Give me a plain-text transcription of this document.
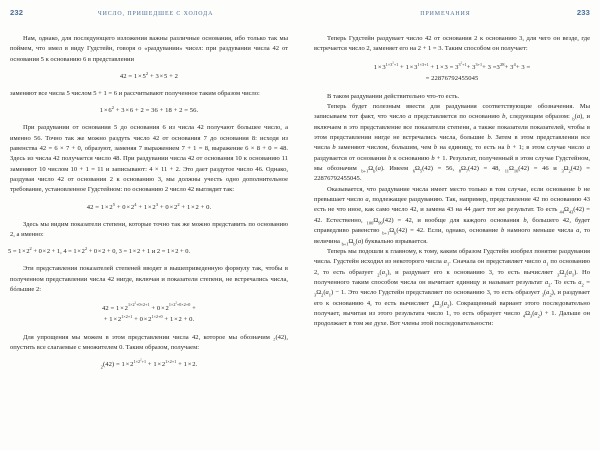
232	ЧИСЛО, ПРИШЕДШЕЕ С ХОЛОДА

Нам, однако, для последующего изложения важны различные основания, ибо только так мы поймем, что имел в виду Гудстейн, говоря о «раздувании» чисел: при раздувании числа 42 от основания 5 к основанию 6 в представлении

$42 = 1\times 5^2 + 3\times 5 + 2$

заменяют все числа 5 числом 5 + 1 = 6 и рассчитывают полученное таким образом число:

$1\times 6^2 + 3\times 6 + 2 = 36 + 18 + 2 = 56$.

При раздувании от основания 5 до основания 6 из числа 42 получают большее число, а именно 56. Точно так же можно раздуть число 42 от основания 7 до основания 8: исходя из равенства 42 = 6 × 7 + 0, образуют, заменяя 7 выражением 7 + 1 = 8, выражение 6 × 8 + 0 = 48. Здесь из числа 42 получается число 48. При раздувании числа 42 от основания 10 к основанию 11 заменяют 10 числом 10 + 1 = 11 и записывают: 4 × 11 + 2. Это дает раздутое число 46. Однако, раздувая число 42 от основания 2 к основанию 3, мы должны учесть одно дополнительное требование, установленное Гудстейном: по основанию 2 число 42 выглядит так:

$42 = 1\times 2^5 + 0\times 2^4 + 1\times 2^3 + 0\times 2^2 + 1\times 2 + 0$.

Здесь мы видим показатели степени, которые точно так же можно представить по основанию 2, а именно:

$5 = 1\times 2^2 + 0\times 2 + 1$, $4 = 1\times 2^2 + 0\times 2 + 0$, 3 = 1×2 + 1 и 2 = 1×2 + 0.

Эти представления показателей степеней вводят в вышеприведенную формулу так, чтобы в полученном представлении числа 42 нигде, включая и показатели степени, не встречались числа, бóльшие 2:

$42 = 1\times 2^{1\times 2^2+0\times 2+1} + 0\times 2^{1\times 2^2+0\times 2+0}$ +
+ $1\times 2^{1\times 2+1} + 0\times 2^{1\times 2+0} + 1\times 2 + 0$.

Для упрощения мы можем в этом представлении числа 42, которое мы обозначим ₂(42), опустить все слагаемые с множителем 0. Таким образом, получаем:

$_2(42) = 1\times 2^{1\times 2^2+1} + 1\times 2^{1\times 2+1} + 1\times 2$.
ПРИМЕЧАНИЯ	233

Теперь Гудстейн раздувает число 42 от основания 2 к основанию 3, для чего он везде, где встречается число 2, заменяет его на 2 + 1 = 3. Таким способом он получает:

$1\times 3^{1\times 3^2+1} + 1\times 3^{1\times 3+1} + 1\times 3 = 3^{3^2+1}+ 3^{3+1}+ 3 =3^{28}+ 3^4+ 3$ =
= 22876792455045

В таком раздувании действительно что-то есть.

Теперь будет полезным ввести для раздувания соответствующие обозначения. Мы записываем тот факт, что число a представляется по основанию b, следующим образом: $_b$(a), и включаем в это представление все показатели степени, а также показатели показателей, чтобы в этом представлении нигде не встречались числа, большие b. Затем в этом представлении все числа b заменяют числом, большим, чем b на единицу, то есть на b + 1; в этом случае число a раздувается от основания b к основанию b + 1. Результат, полученный в этом случае Гудстейном, мы обозначим $_{b+1}\Omega_b(a)$. Имеем $_6\Omega_5(42) = 56$, $_8\Omega_7(42) = 48$, $_{11}\Omega_{10}(42) = 46$ и $_3\Omega_2(42) = 22876792455045$.

Оказывается, что раздувание числа имеет место только в том случае, если основание b не превышает число a, подлежащее раздуванию. Так, например, представление 42 по основанию 43 есть не что иное, как само число 42, и замена 43 на 44 дает тот же результат. То есть $_{44}\Omega_{43}(42) = 42$. Естественно, $_{100}\Omega_{99}(42) = 42$, и вообще для каждого основания b, большего 42, будет справедливо равенство $_{b+1}\Omega_b(42) = 42$. Если, однако, основание b намного меньше числа a, то величина $_{b+1}\Omega_b(a)$ буквально взрывается.

Теперь мы подошли к главному, к тому, каким образом Гудстейн изобрел понятие раздувания числа. Гудстейн исходил из некоторого числа $a_1$. Сначала он представляет число $a_1$ по основанию 2, то есть образует $_2(a_1)$, и раздувает его к основанию 3, то есть вычисляет $_3\Omega_2(a_1)$. Но полученного таким способом числа он вычитает единицу и называет результат $a_2$. То есть $a_2 = _3\Omega_2(a_1) - 1$. Это число Гудстейн представляет по основанию 3, то есть образует $_3(a_2)$, и раздувает его к основанию 4, то есть вычисляет $_4\Omega_3(a_2)$. Сокращенный вариант этого последовательно получает, вычитая из этого результата число 1, то есть образует число $_4\Omega_3(a_2) + 1$. Дальше он продолжает в том же духе. Вот члены этой последовательности:
